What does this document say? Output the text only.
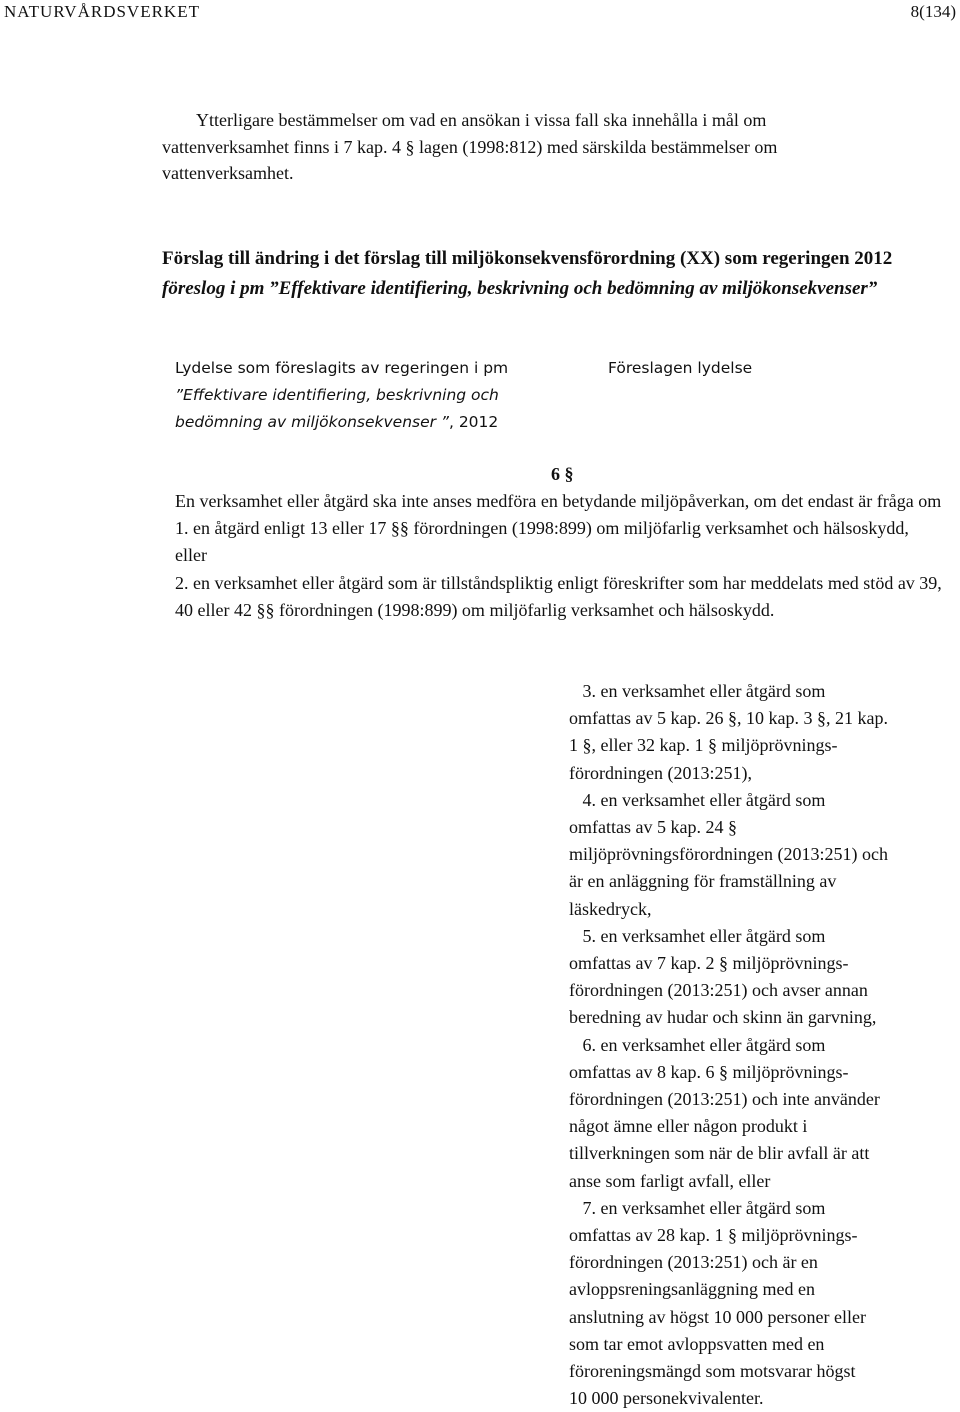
NATURVÅRDSVERKET	8(134)

Ytterligare bestämmelser om vad en ansökan i vissa fall ska innehålla i mål om vattenverksamhet finns i 7 kap. 4 § lagen (1998:812) med särskilda bestämmelser om vattenverksamhet.

Förslag till ändring i det förslag till miljökonsekvensförordning (XX) som regeringen 2012 föreslog i pm ”Effektivare identifiering, beskrivning och bedömning av miljökonsekvenser”
Lydelse som föreslagits av regeringen i pm
”Effektivare identifiering, beskrivning och
bedömning av miljökonsekvenser ”, 2012
Föreslagen lydelse
6 §
En verksamhet eller åtgärd ska inte anses medföra en betydande miljöpåverkan, om det endast är fråga om
1. en åtgärd enligt 13 eller 17 §§ förordningen (1998:899) om miljöfarlig verksamhet och hälsoskydd, eller
2. en verksamhet eller åtgärd som är tillståndspliktig enligt föreskrifter som har meddelats med stöd av 39, 40 eller 42 §§ förordningen (1998:899) om miljöfarlig verksamhet och hälsoskydd.
3. en verksamhet eller åtgärd som
omfattas av 5 kap. 26 §, 10 kap. 3 §, 21 kap.
1 §, eller 32 kap. 1 § miljöprövnings-
förordningen (2013:251),
4. en verksamhet eller åtgärd som
omfattas av 5 kap. 24 §
miljöprövningsförordningen (2013:251) och
är en anläggning för framställning av
läskedryck,
5. en verksamhet eller åtgärd som
omfattas av 7 kap. 2 § miljöprövnings-
förordningen (2013:251) och avser annan
beredning av hudar och skinn än garvning,
6. en verksamhet eller åtgärd som
omfattas av 8 kap. 6 § miljöprövnings-
förordningen (2013:251) och inte använder
något ämne eller någon produkt i
tillverkningen som när de blir avfall är att
anse som farligt avfall, eller
7. en verksamhet eller åtgärd som
omfattas av 28 kap. 1 § miljöprövnings-
förordningen (2013:251) och är en
avloppsreningsanläggning med en
anslutning av högst 10 000 personer eller
som tar emot avloppsvatten med en
föroreningsmängd som motsvarar högst
10 000 personekvivalenter.
